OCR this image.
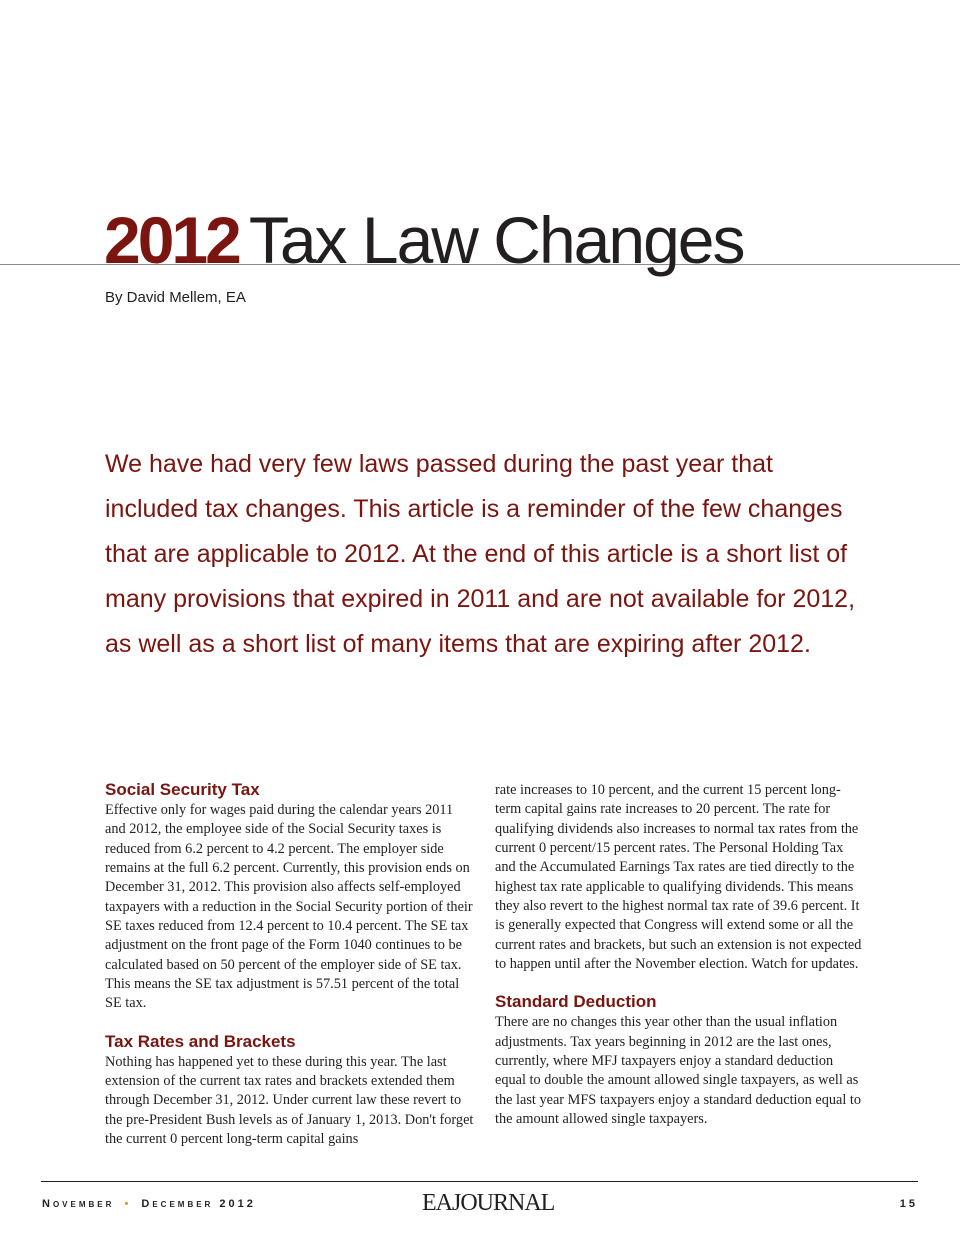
2012 Tax Law Changes

By David Mellem, EA

We have had very few laws passed during the past year that included tax changes. This article is a reminder of the few changes that are applicable to 2012. At the end of this article is a short list of many provisions that expired in 2011 and are not available for 2012, as well as a short list of many items that are expiring after 2012.

Social Security Tax

Effective only for wages paid during the calendar years 2011 and 2012, the employee side of the Social Security taxes is reduced from 6.2 percent to 4.2 percent. The employer side remains at the full 6.2 percent. Currently, this provision ends on December 31, 2012. This provision also affects self-employed taxpayers with a reduction in the Social Security portion of their SE taxes reduced from 12.4 percent to 10.4 percent. The SE tax adjustment on the front page of the Form 1040 continues to be calculated based on 50 percent of the employer side of SE tax. This means the SE tax adjustment is 57.51 percent of the total SE tax.

Tax Rates and Brackets

Nothing has happened yet to these during this year. The last extension of the current tax rates and brackets extended them through December 31, 2012. Under current law these revert to the pre-President Bush levels as of January 1, 2013. Don't forget the current 0 percent long-term capital gains

rate increases to 10 percent, and the current 15 percent long-term capital gains rate increases to 20 percent. The rate for qualifying dividends also increases to normal tax rates from the current 0 percent/15 percent rates. The Personal Holding Tax and the Accumulated Earnings Tax rates are tied directly to the highest tax rate applicable to qualifying dividends. This means they also revert to the highest normal tax rate of 39.6 percent. It is generally expected that Congress will extend some or all the current rates and brackets, but such an extension is not expected to happen until after the November election. Watch for updates.

Standard Deduction

There are no changes this year other than the usual inflation adjustments. Tax years beginning in 2012 are the last ones, currently, where MFJ taxpayers enjoy a standard deduction equal to double the amount allowed single taxpayers, as well as the last year MFS taxpayers enjoy a standard deduction equal to the amount allowed single taxpayers.

November • December 2012	EAJOURNAL	15
